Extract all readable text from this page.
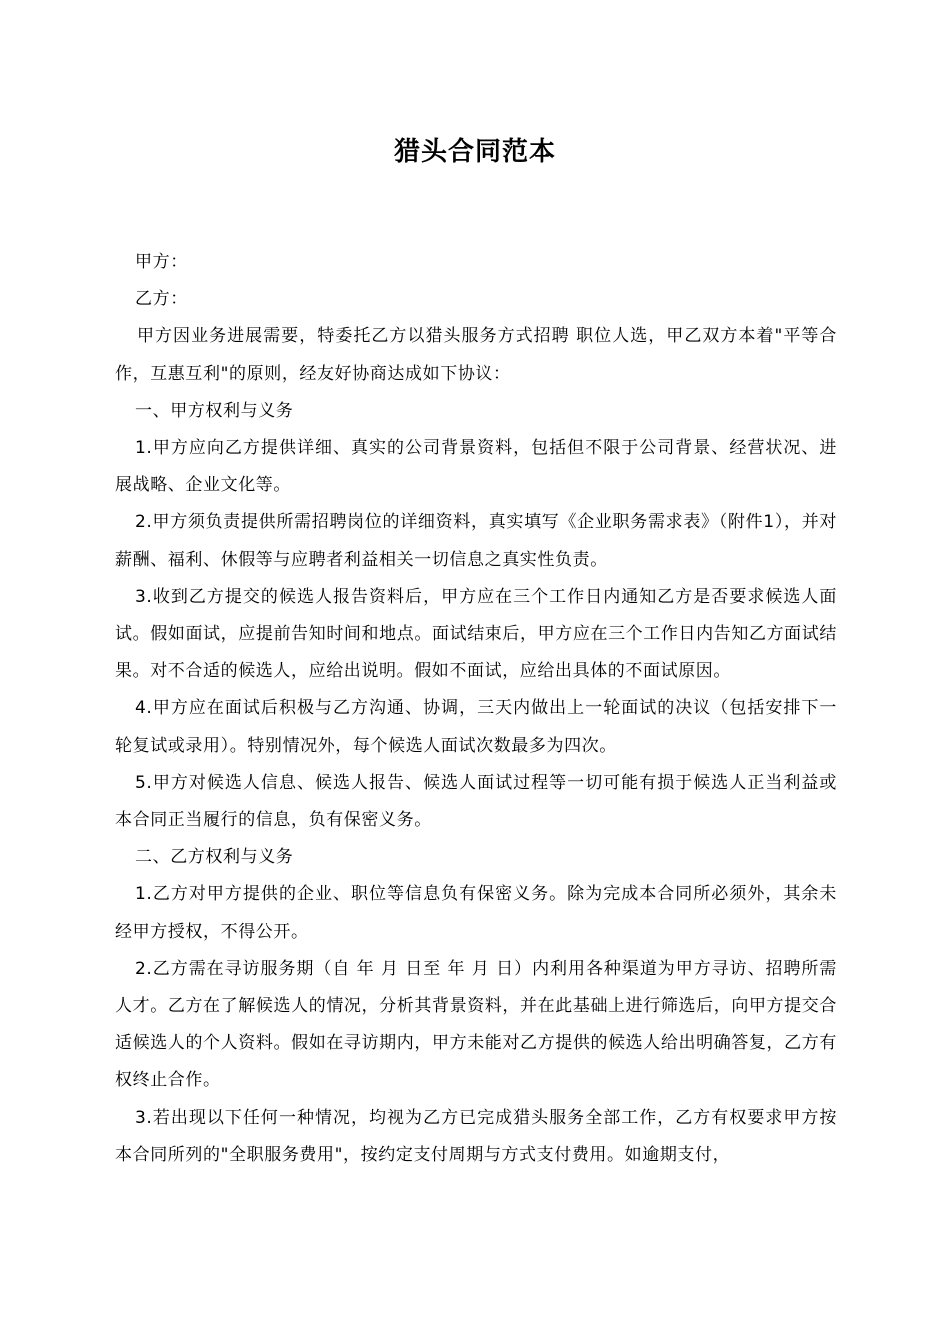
猎头合同范本

甲方：

乙方：

甲方因业务进展需要，特委托乙方以猎头服务方式招聘 职位人选，甲乙双方本着"平等合作，互惠互利"的原则，经友好协商达成如下协议：

一、甲方权利与义务

1.甲方应向乙方提供详细、真实的公司背景资料，包括但不限于公司背景、经营状况、进展战略、企业文化等。

2.甲方须负责提供所需招聘岗位的详细资料，真实填写《企业职务需求表》（附件1），并对薪酬、福利、休假等与应聘者利益相关一切信息之真实性负责。

3.收到乙方提交的候选人报告资料后，甲方应在三个工作日内通知乙方是否要求候选人面试。假如面试，应提前告知时间和地点。面试结束后，甲方应在三个工作日内告知乙方面试结果。对不合适的候选人，应给出说明。假如不面试，应给出具体的不面试原因。

4.甲方应在面试后积极与乙方沟通、协调，三天内做出上一轮面试的决议（包括安排下一轮复试或录用）。特别情况外，每个候选人面试次数最多为四次。

5.甲方对候选人信息、候选人报告、候选人面试过程等一切可能有损于候选人正当利益或本合同正当履行的信息，负有保密义务。

二、乙方权利与义务

1.乙方对甲方提供的企业、职位等信息负有保密义务。除为完成本合同所必须外，其余未经甲方授权，不得公开。

2.乙方需在寻访服务期（自 年 月 日至 年 月 日）内利用各种渠道为甲方寻访、招聘所需人才。乙方在了解候选人的情况，分析其背景资料，并在此基础上进行筛选后，向甲方提交合适候选人的个人资料。假如在寻访期内，甲方未能对乙方提供的候选人给出明确答复，乙方有权终止合作。

3.若出现以下任何一种情况，均视为乙方已完成猎头服务全部工作，乙方有权要求甲方按本合同所列的"全职服务费用"，按约定支付周期与方式支付费用。如逾期支付，
